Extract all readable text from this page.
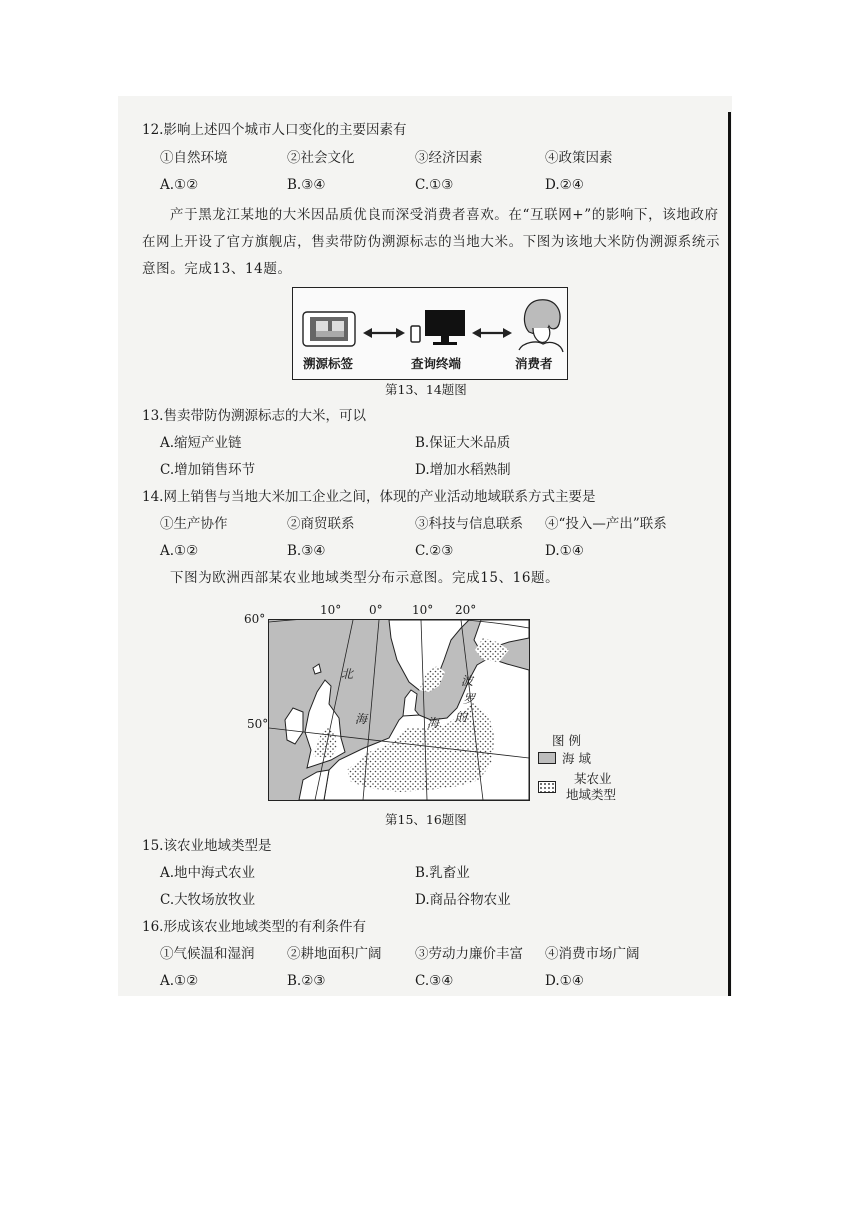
12.影响上述四个城市人口变化的主要因素有
①自然环境	②社会文化	③经济因素	④政策因素
A.①②	B.③④	C.①③	D.②④
产于黑龙江某地的大米因品质优良而深受消费者喜欢。在“互联网+”的影响下，该地政府在网上开设了官方旗舰店，售卖带防伪溯源标志的当地大米。下图为该地大米防伪溯源系统示意图。完成13、14题。
溯源标签	查询终端	消费者
第13、14题图
13.售卖带防伪溯源标志的大米，可以
A.缩短产业链	B.保证大米品质
C.增加销售环节	D.增加水稻熟制
14.网上销售与当地大米加工企业之间，体现的产业活动地域联系方式主要是
①生产协作	②商贸联系	③科技与信息联系 ④“投入—产出”联系
A.①②	B.③④	C.②③	D.①④
下图为欧洲西部某农业地域类型分布示意图。完成15、16题。
10° 0° 10° 20°
60°
50°
北
海
波
罗
的
海
图 例
海 域
某农业
地域类型
第15、16题图
15.该农业地域类型是
A.地中海式农业	B.乳畜业
C.大牧场放牧业	D.商品谷物农业
16.形成该农业地域类型的有利条件有
①气候温和湿润 ②耕地面积广阔 ③劳动力廉价丰富 ④消费市场广阔
A.①②	B.②③	C.③④	D.①④
